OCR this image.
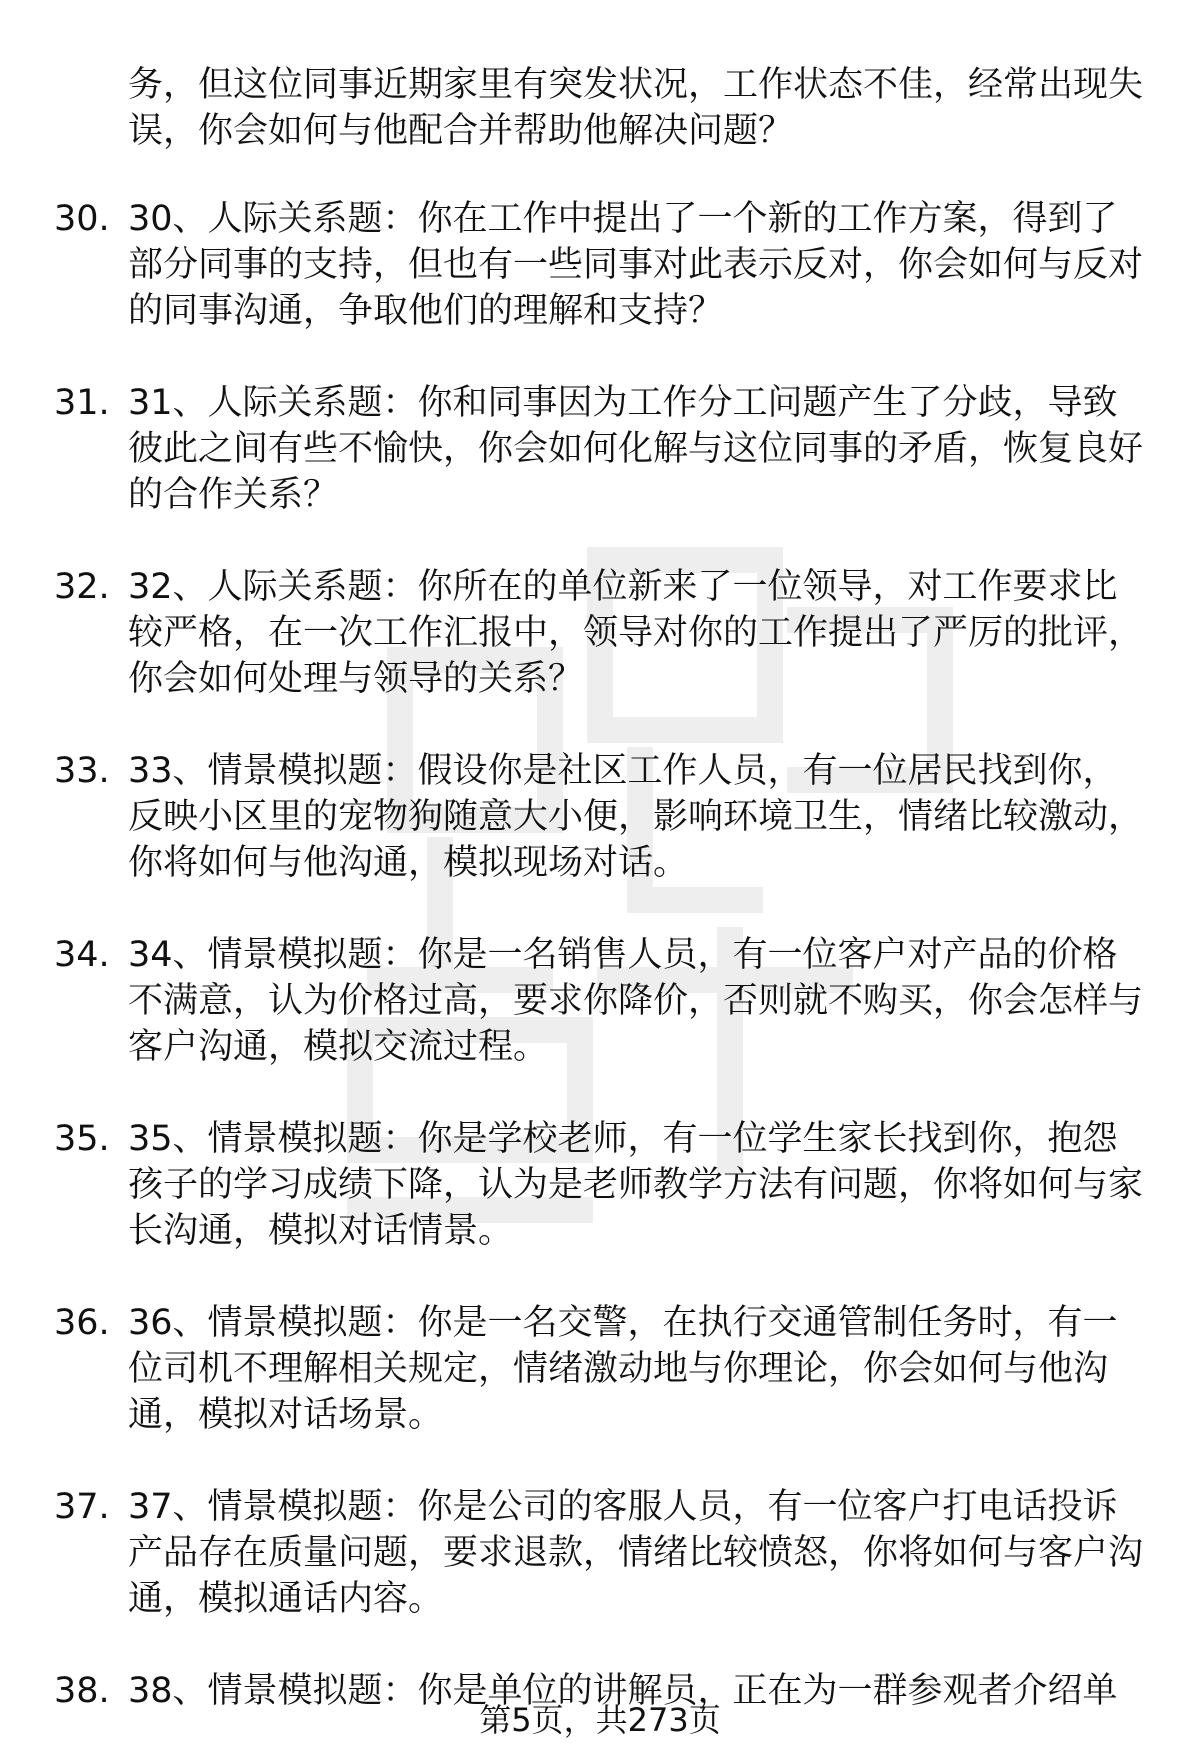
务，但这位同事近期家里有突发状况，工作状态不佳，经常出现失误，你会如何与他配合并帮助他解决问题？
30. 30、人际关系题：你在工作中提出了一个新的工作方案，得到了部分同事的支持，但也有一些同事对此表示反对，你会如何与反对的同事沟通，争取他们的理解和支持？
31. 31、人际关系题：你和同事因为工作分工问题产生了分歧，导致彼此之间有些不愉快，你会如何化解与这位同事的矛盾，恢复良好的合作关系？
32. 32、人际关系题：你所在的单位新来了一位领导，对工作要求比较严格，在一次工作汇报中，领导对你的工作提出了严厉的批评，你会如何处理与领导的关系？
33. 33、情景模拟题：假设你是社区工作人员，有一位居民找到你，反映小区里的宠物狗随意大小便，影响环境卫生，情绪比较激动，你将如何与他沟通，模拟现场对话。
34. 34、情景模拟题：你是一名销售人员，有一位客户对产品的价格不满意，认为价格过高，要求你降价，否则就不购买，你会怎样与客户沟通，模拟交流过程。
35. 35、情景模拟题：你是学校老师，有一位学生家长找到你，抱怨孩子的学习成绩下降，认为是老师教学方法有问题，你将如何与家长沟通，模拟对话情景。
36. 36、情景模拟题：你是一名交警，在执行交通管制任务时，有一位司机不理解相关规定，情绪激动地与你理论，你会如何与他沟通，模拟对话场景。
37. 37、情景模拟题：你是公司的客服人员，有一位客户打电话投诉产品存在质量问题，要求退款，情绪比较愤怒，你将如何与客户沟通，模拟通话内容。
38. 38、情景模拟题：你是单位的讲解员，正在为一群参观者介绍单
第5页，共273页
